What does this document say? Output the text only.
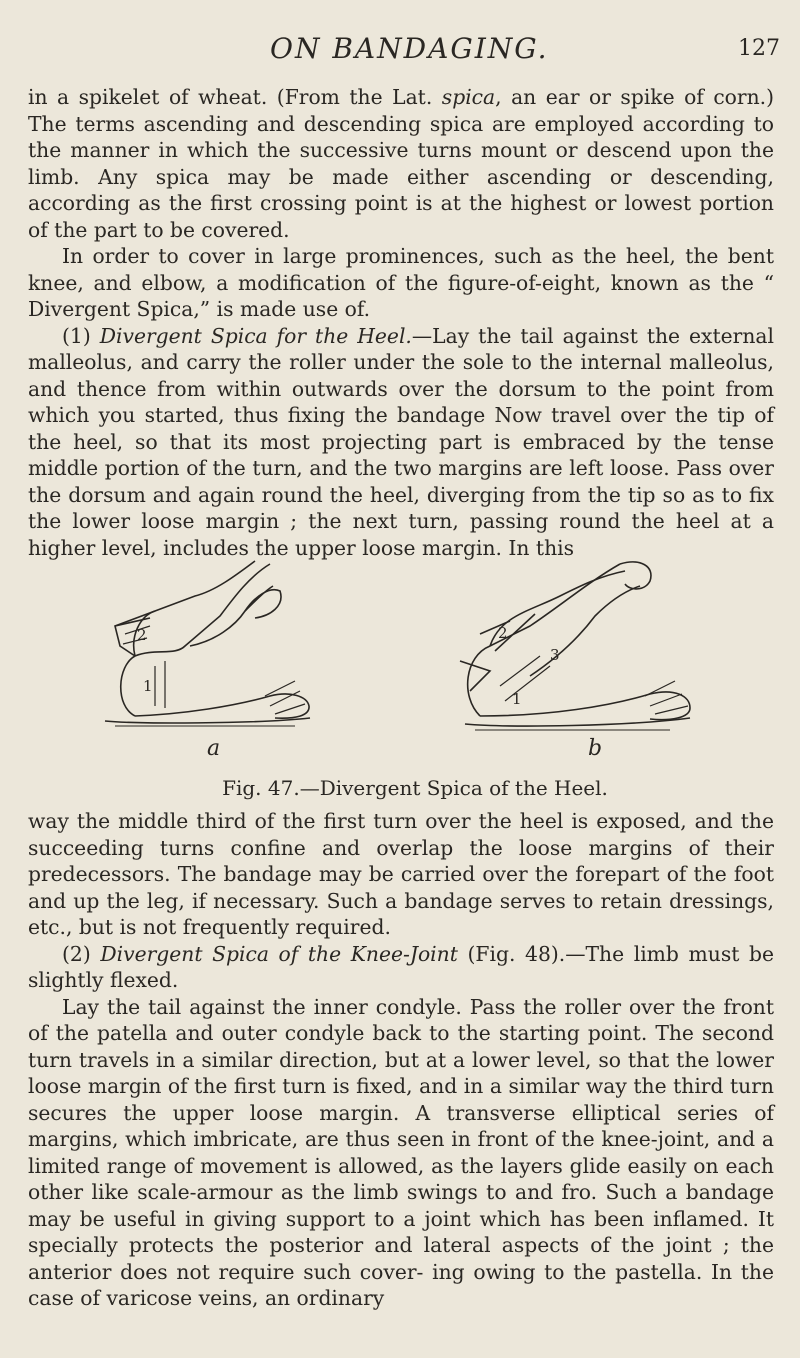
ON BANDAGING.	127

in a spikelet of wheat. (From the Lat. spica, an ear or spike of corn.) The terms ascending and descending spica are employed according to the manner in which the successive turns mount or descend upon the limb. Any spica may be made either ascending or descending, according as the first crossing point is at the highest or lowest portion of the part to be covered.

In order to cover in large prominences, such as the heel, the bent knee, and elbow, a modification of the figure-of-eight, known as the “ Divergent Spica,” is made use of.

(1) Divergent Spica for the Heel.—Lay the tail against the external malleolus, and carry the roller under the sole to the internal malleolus, and thence from within outwards over the dorsum to the point from which you started, thus fixing the bandage Now travel over the tip of the heel, so that its most projecting part is embraced by the tense middle portion of the turn, and the two margins are left loose. Pass over the dorsum and again round the heel, diverging from the tip so as to fix the lower loose margin ; the next turn, passing round the heel at a higher level, includes the upper loose margin. In this

1
2
a
1
2
3
b
Fig. 47.—Divergent Spica of the Heel.

way the middle third of the first turn over the heel is exposed, and the succeeding turns confine and overlap the loose margins of their predecessors. The bandage may be carried over the forepart of the foot and up the leg, if necessary. Such a bandage serves to retain dressings, etc., but is not frequently required.

(2) Divergent Spica of the Knee-Joint (Fig. 48).—The limb must be slightly flexed.

Lay the tail against the inner condyle. Pass the roller over the front of the patella and outer condyle back to the starting point. The second turn travels in a similar direction, but at a lower level, so that the lower loose margin of the first turn is fixed, and in a similar way the third turn secures the upper loose margin. A transverse elliptical series of margins, which imbricate, are thus seen in front of the knee-joint, and a limited range of movement is allowed, as the layers glide easily on each other like scale-armour as the limb swings to and fro. Such a bandage may be useful in giving support to a joint which has been inflamed. It specially protects the posterior and lateral aspects of the joint ; the anterior does not require such cover- ing owing to the pastella. In the case of varicose veins, an ordinary
